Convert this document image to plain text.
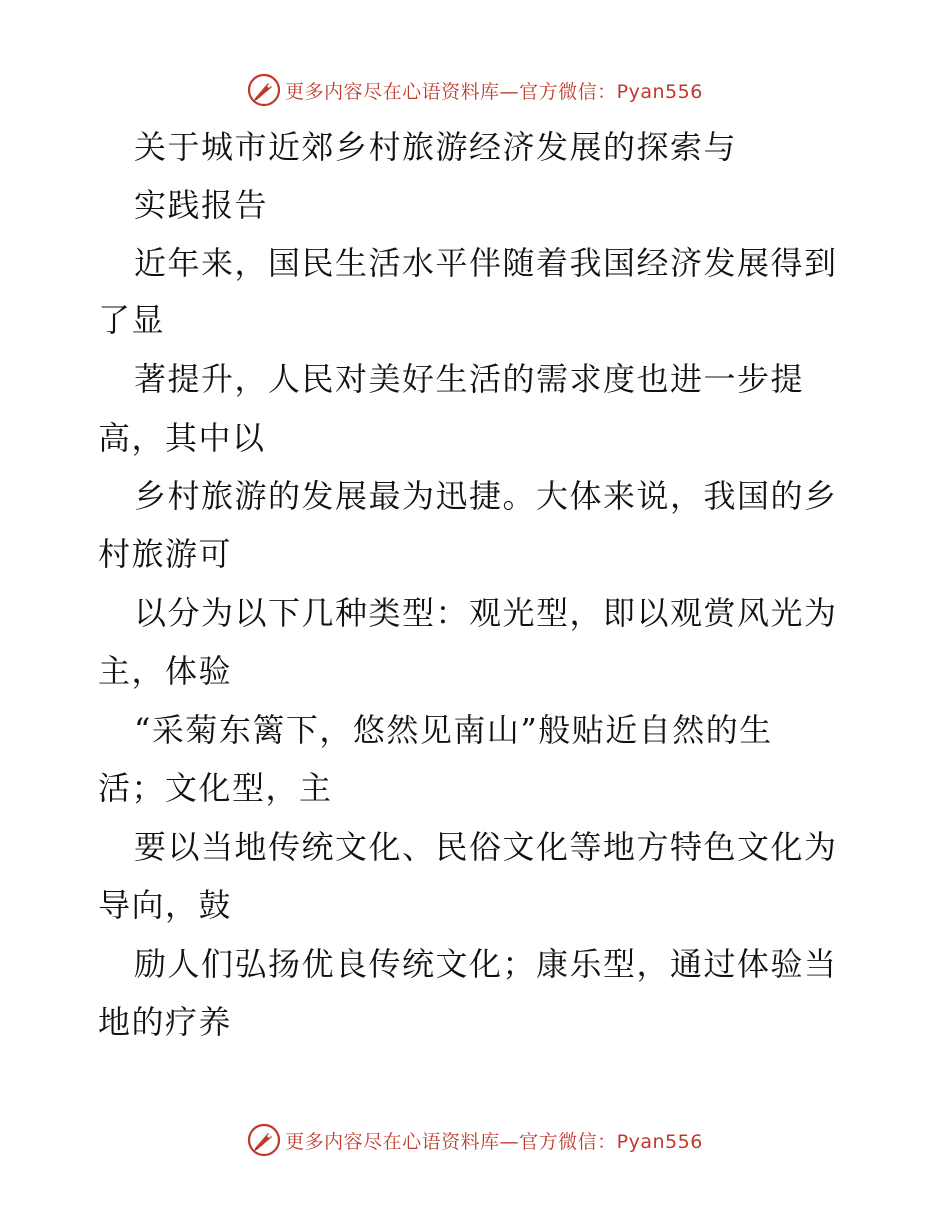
更多内容尽在心语资料库—官方微信：Pyan556
关于城市近郊乡村旅游经济发展的探索与
实践报告
近年来，国民生活水平伴随着我国经济发展得到
了显
著提升，人民对美好生活的需求度也进一步提
高，其中以
乡村旅游的发展最为迅捷。大体来说，我国的乡
村旅游可
以分为以下几种类型：观光型，即以观赏风光为
主，体验
“采菊东篱下，悠然见南山”般贴近自然的生
活；文化型，主
要以当地传统文化、民俗文化等地方特色文化为
导向，鼓
励人们弘扬优良传统文化；康乐型，通过体验当
地的疗养
更多内容尽在心语资料库—官方微信：Pyan556
